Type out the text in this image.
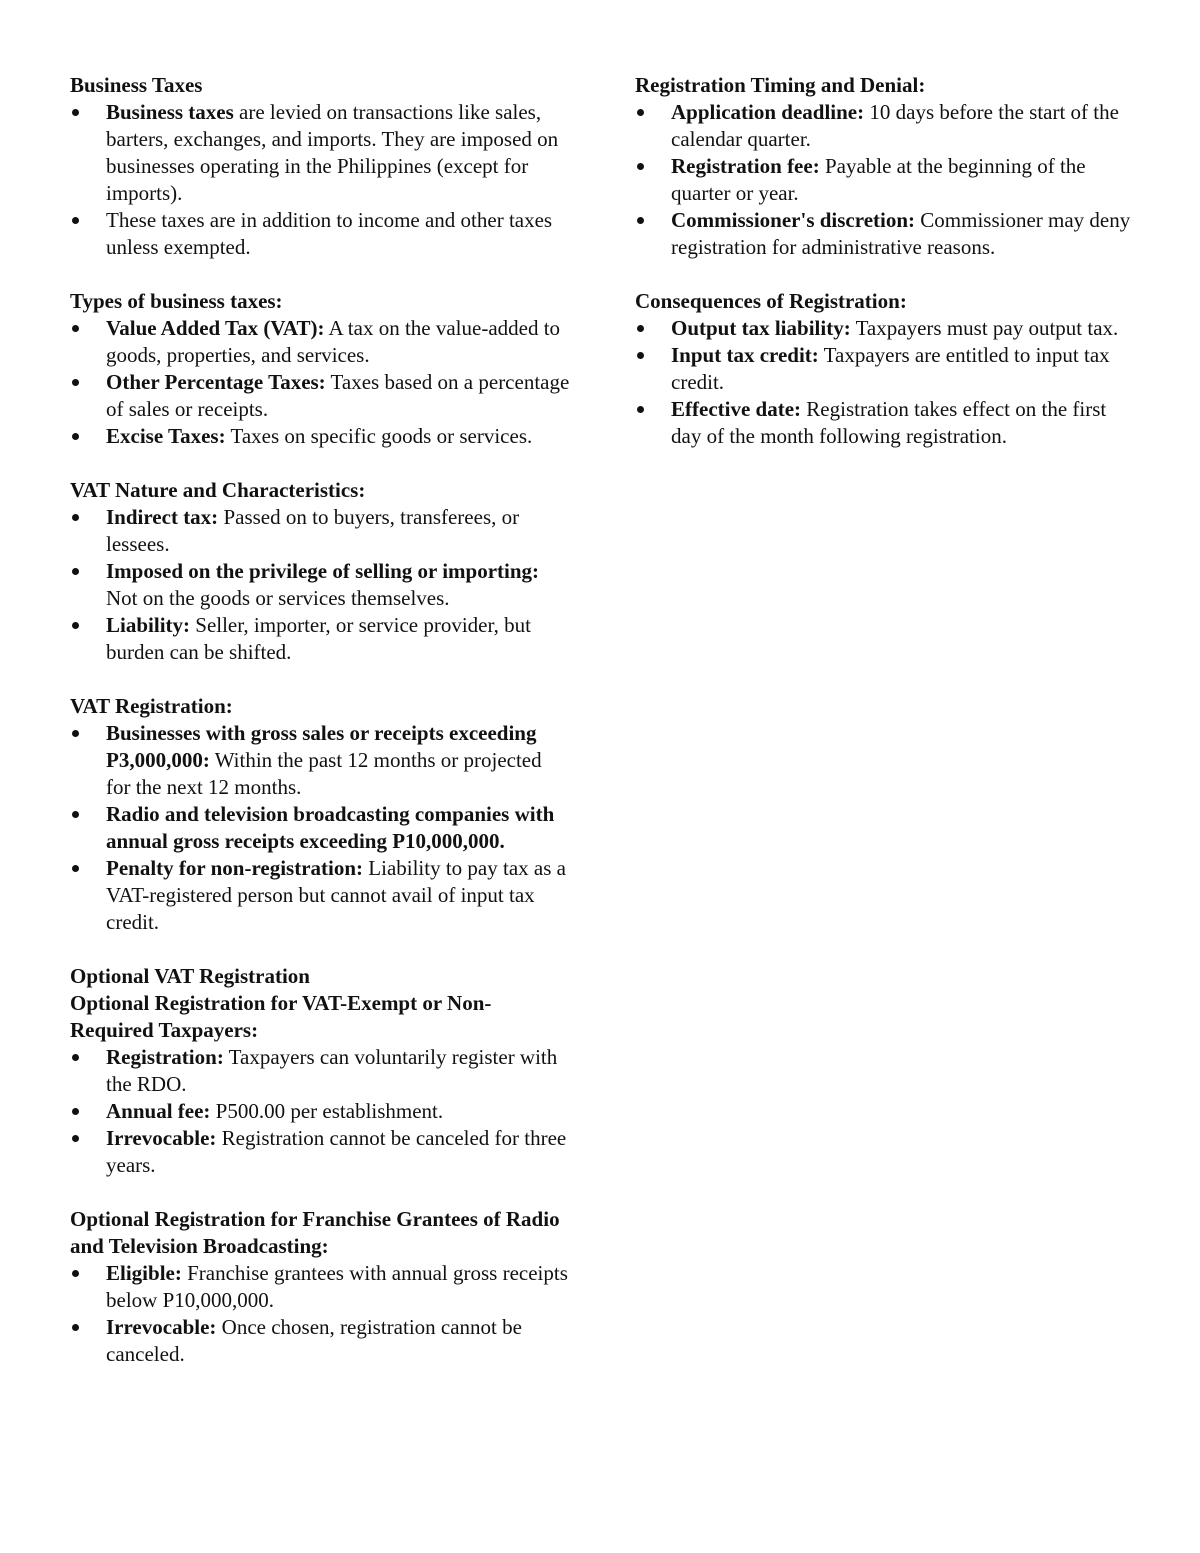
Business Taxes
Business taxes are levied on transactions like sales, barters, exchanges, and imports. They are imposed on businesses operating in the Philippines (except for imports).
These taxes are in addition to income and other taxes unless exempted.
Types of business taxes:
Value Added Tax (VAT): A tax on the value-added to goods, properties, and services.
Other Percentage Taxes: Taxes based on a percentage of sales or receipts.
Excise Taxes: Taxes on specific goods or services.
VAT Nature and Characteristics:
Indirect tax: Passed on to buyers, transferees, or lessees.
Imposed on the privilege of selling or importing: Not on the goods or services themselves.
Liability: Seller, importer, or service provider, but burden can be shifted.
VAT Registration:
Businesses with gross sales or receipts exceeding P3,000,000: Within the past 12 months or projected for the next 12 months.
Radio and television broadcasting companies with annual gross receipts exceeding P10,000,000.
Penalty for non-registration: Liability to pay tax as a VAT-registered person but cannot avail of input tax credit.
Optional VAT Registration
Optional Registration for VAT-Exempt or Non-Required Taxpayers:
Registration: Taxpayers can voluntarily register with the RDO.
Annual fee: P500.00 per establishment.
Irrevocable: Registration cannot be canceled for three years.
Optional Registration for Franchise Grantees of Radio and Television Broadcasting:
Eligible: Franchise grantees with annual gross receipts below P10,000,000.
Irrevocable: Once chosen, registration cannot be canceled.
Registration Timing and Denial:
Application deadline: 10 days before the start of the calendar quarter.
Registration fee: Payable at the beginning of the quarter or year.
Commissioner's discretion: Commissioner may deny registration for administrative reasons.
Consequences of Registration:
Output tax liability: Taxpayers must pay output tax.
Input tax credit: Taxpayers are entitled to input tax credit.
Effective date: Registration takes effect on the first day of the month following registration.
